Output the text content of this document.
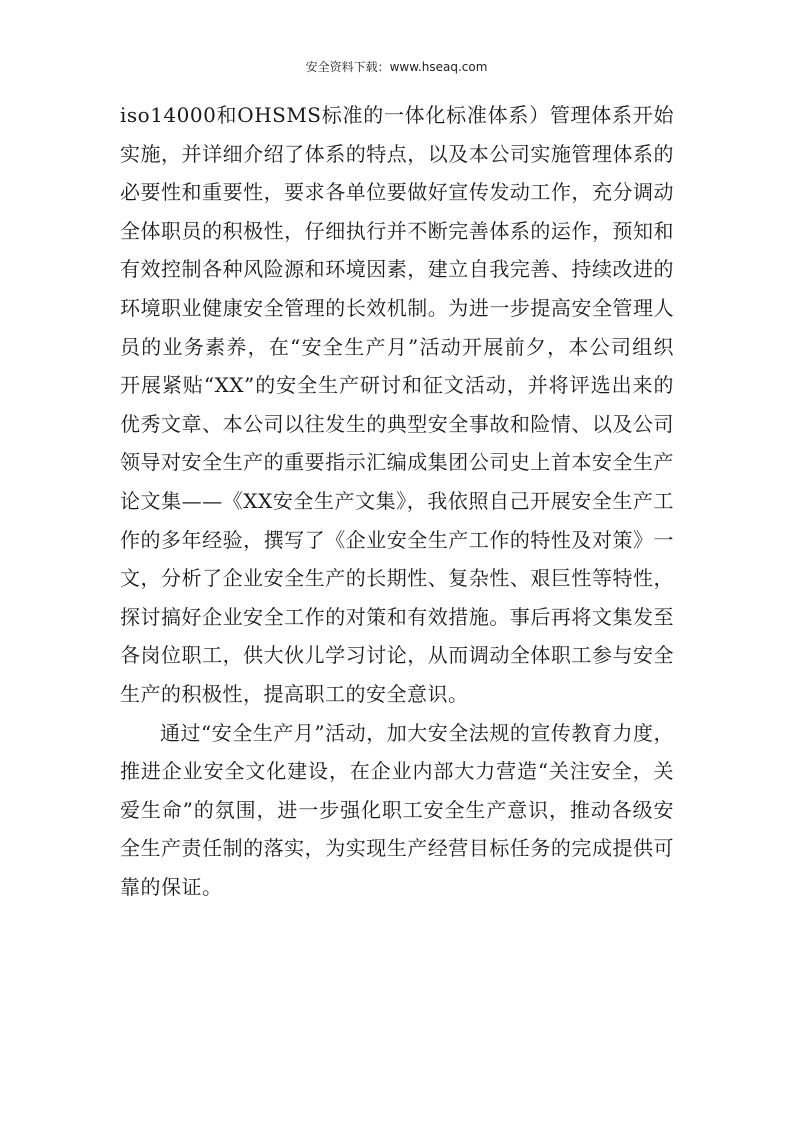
安全资料下载：www.hseaq.com

iso14000和OHSMS标准的一体化标准体系）管理体系开始实施，并详细介绍了体系的特点，以及本公司实施管理体系的必要性和重要性，要求各单位要做好宣传发动工作，充分调动全体职员的积极性，仔细执行并不断完善体系的运作，预知和有效控制各种风险源和环境因素，建立自我完善、持续改进的环境职业健康安全管理的长效机制。为进一步提高安全管理人员的业务素养，在“安全生产月”活动开展前夕，本公司组织开展紧贴“XX”的安全生产研讨和征文活动，并将评选出来的优秀文章、本公司以往发生的典型安全事故和险情、以及公司领导对安全生产的重要指示汇编成集团公司史上首本安全生产论文集——《XX安全生产文集》，我依照自己开展安全生产工作的多年经验，撰写了《企业安全生产工作的特性及对策》一文，分析了企业安全生产的长期性、复杂性、艰巨性等特性，探讨搞好企业安全工作的对策和有效措施。事后再将文集发至各岗位职工，供大伙儿学习讨论，从而调动全体职工参与安全生产的积极性，提高职工的安全意识。

通过“安全生产月”活动，加大安全法规的宣传教育力度，推进企业安全文化建设，在企业内部大力营造“关注安全，关爱生命”的氛围，进一步强化职工安全生产意识，推动各级安全生产责任制的落实，为实现生产经营目标任务的完成提供可靠的保证。
